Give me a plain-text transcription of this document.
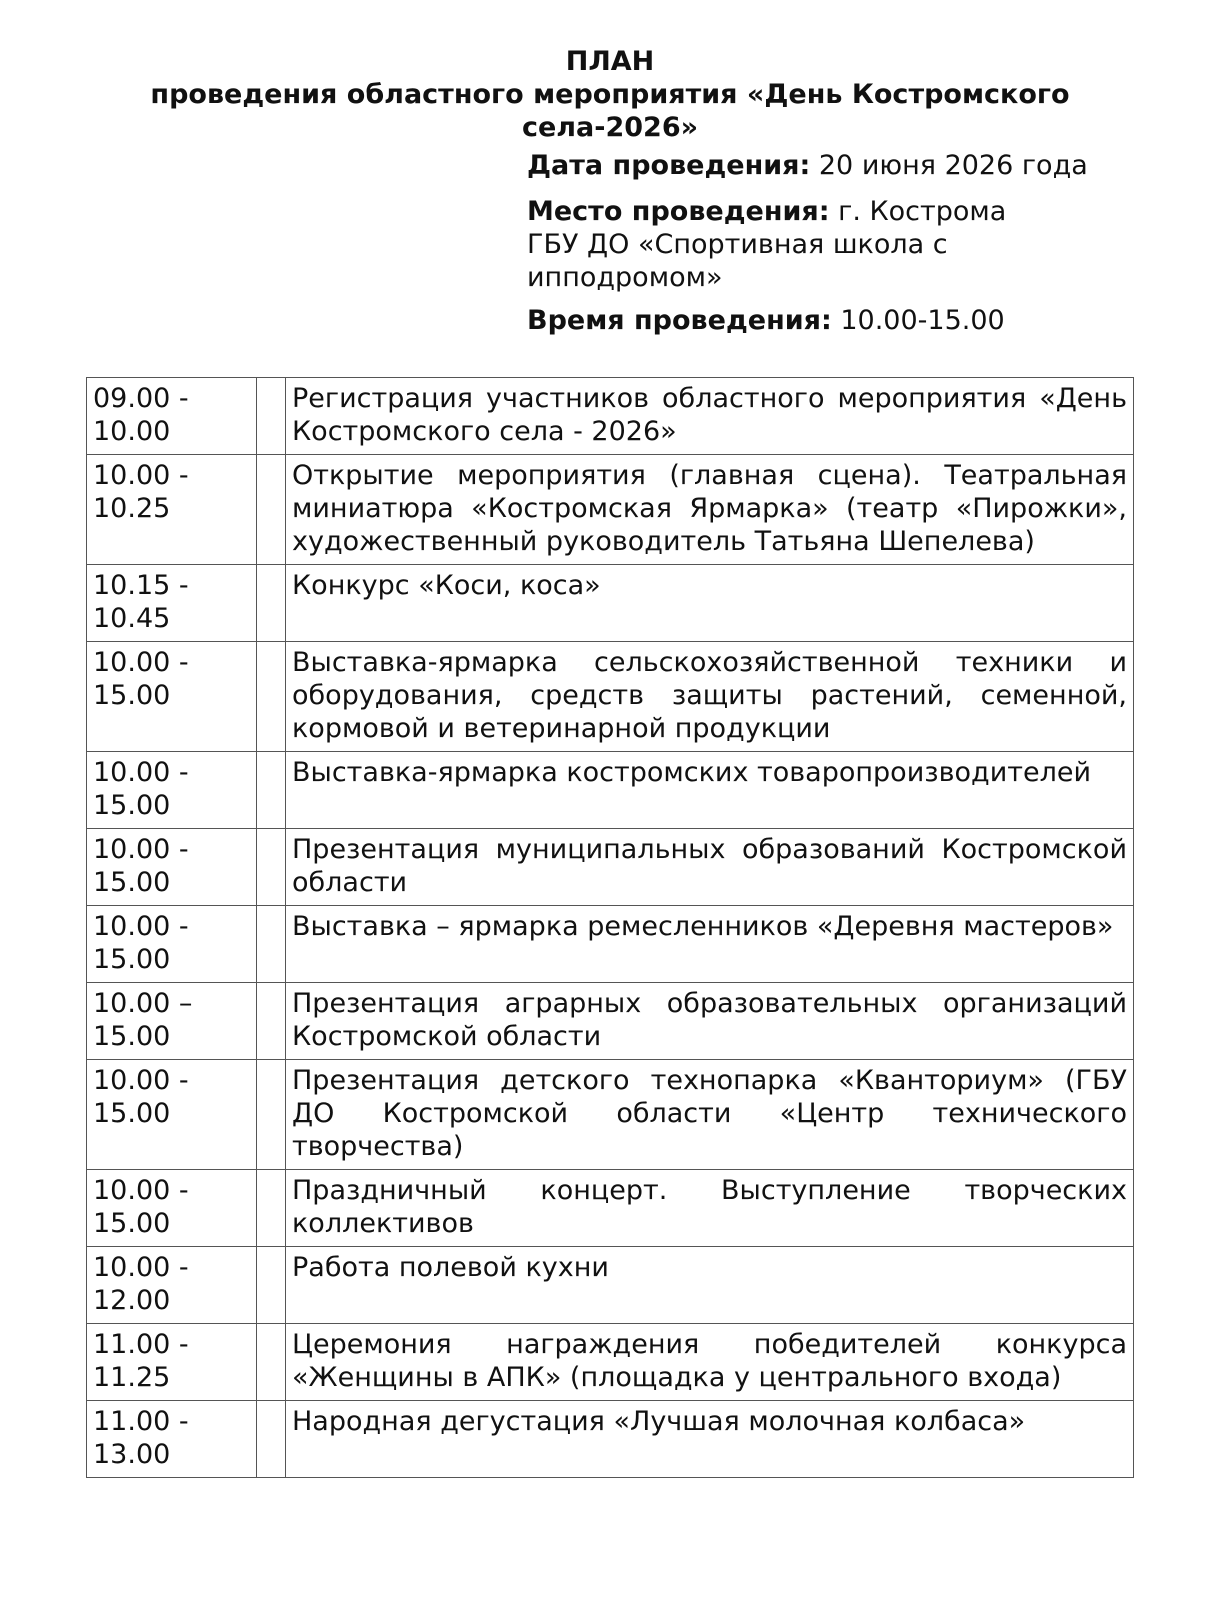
ПЛАН
проведения областного мероприятия «День Костромского
села-2026»
Дата проведения: 20 июня 2026 года
Место проведения: г. Кострома
ГБУ ДО «Спортивная школа с ипподромом»
Время проведения: 10.00-15.00
09.00 - 10.00		Регистрация участников областного мероприятия «День Костромского села - 2026»
10.00 - 10.25		Открытие мероприятия (главная сцена). Театральная миниатюра «Костромская Ярмарка» (театр «Пирожки», художественный руководитель Татьяна Шепелева)
10.15 - 10.45		Конкурс «Коси, коса»
10.00 - 15.00		Выставка-ярмарка сельскохозяйственной техники и оборудования, средств защиты растений, семенной, кормовой и ветеринарной продукции
10.00 - 15.00		Выставка-ярмарка костромских товаропроизводителей
10.00 - 15.00		Презентация муниципальных образований Костромской области
10.00 - 15.00		Выставка – ярмарка ремесленников «Деревня мастеров»
10.00 – 15.00		Презентация аграрных образовательных организаций Костромской области
10.00 - 15.00		Презентация детского технопарка «Кванториум» (ГБУ ДО Костромской области «Центр технического творчества)
10.00 - 15.00		Праздничный концерт. Выступление творческих коллективов
10.00 - 12.00		Работа полевой кухни
11.00 - 11.25		Церемония награждения победителей конкурса «Женщины в АПК» (площадка у центрального входа)
11.00 - 13.00		Народная дегустация «Лучшая молочная колбаса»
